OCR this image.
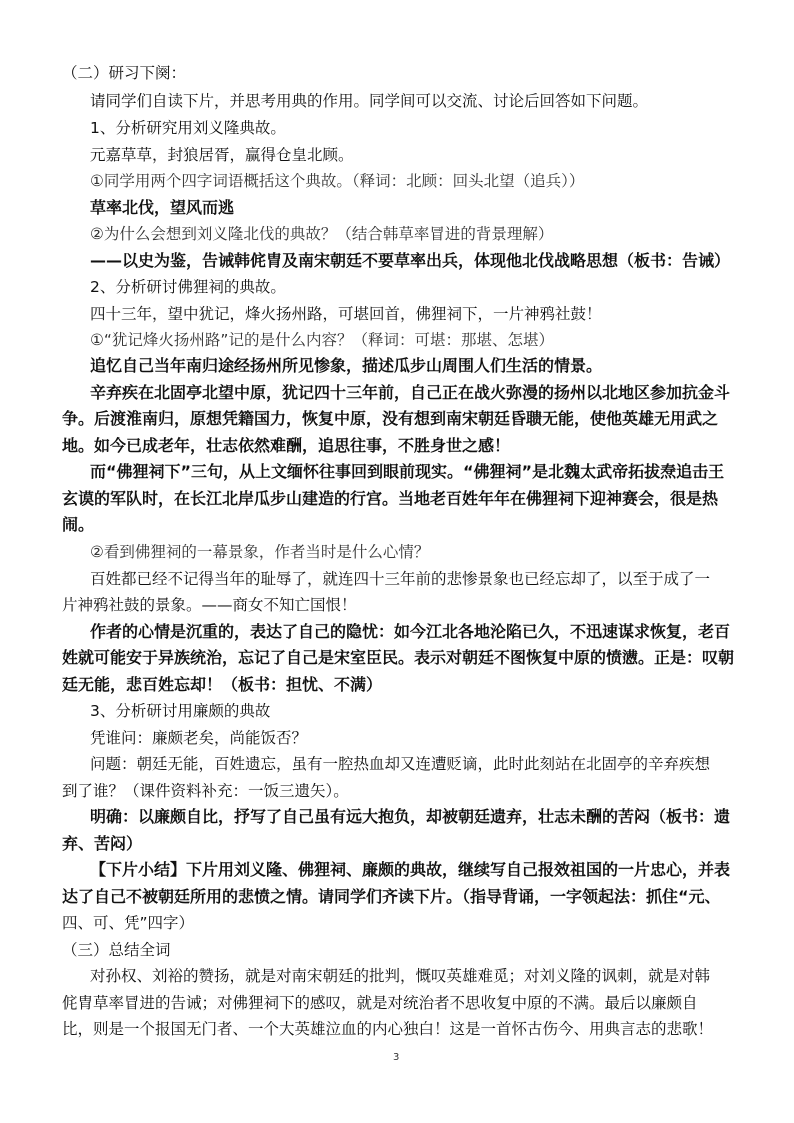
（二）研习下阕：
请同学们自读下片，并思考用典的作用。同学间可以交流、讨论后回答如下问题。
1、分析研究用刘义隆典故。
元嘉草草，封狼居胥，赢得仓皇北顾。
①同学用两个四字词语概括这个典故。（释词：北顾：回头北望（追兵））
草率北伐，望风而逃
②为什么会想到刘义隆北伐的典故？（结合韩草率冒进的背景理解）
——以史为鉴，告诫韩侂胄及南宋朝廷不要草率出兵，体现他北伐战略思想（板书：告诫）
2、分析研讨佛狸祠的典故。
四十三年，望中犹记，烽火扬州路，可堪回首，佛狸祠下，一片神鸦社鼓！
①“犹记烽火扬州路”记的是什么内容？（释词：可堪：那堪、怎堪）
追忆自己当年南归途经扬州所见惨象，描述瓜步山周围人们生活的情景。
辛弃疾在北固亭北望中原，犹记四十三年前，自己正在战火弥漫的扬州以北地区参加抗金斗
争。后渡淮南归，原想凭籍国力，恢复中原，没有想到南宋朝廷昏聩无能，使他英雄无用武之
地。如今已成老年，壮志依然难酬，追思往事，不胜身世之感！
而“佛狸祠下”三句，从上文缅怀往事回到眼前现实。“佛狸祠”是北魏太武帝拓拔焘追击王
玄谟的军队时，在长江北岸瓜步山建造的行宫。当地老百姓年年在佛狸祠下迎神赛会，很是热
闹。
②看到佛狸祠的一幕景象，作者当时是什么心情？
百姓都已经不记得当年的耻辱了，就连四十三年前的悲惨景象也已经忘却了，以至于成了一
片神鸦社鼓的景象。——商女不知亡国恨！
作者的心情是沉重的，表达了自己的隐忧：如今江北各地沦陷已久，不迅速谋求恢复，老百
姓就可能安于异族统治，忘记了自己是宋室臣民。表示对朝廷不图恢复中原的愤懑。正是：叹朝
廷无能，悲百姓忘却！（板书：担忧、不满）
3、分析研讨用廉颇的典故
凭谁问：廉颇老矣，尚能饭否？
问题：朝廷无能，百姓遗忘，虽有一腔热血却又连遭贬谪，此时此刻站在北固亭的辛弃疾想
到了谁？（课件资料补充：一饭三遗矢）。
明确：以廉颇自比，抒写了自己虽有远大抱负，却被朝廷遗弃，壮志未酬的苦闷（板书：遗
弃、苦闷）
【下片小结】下片用刘义隆、佛狸祠、廉颇的典故，继续写自己报效祖国的一片忠心，并表
达了自己不被朝廷所用的悲愤之情。请同学们齐读下片。（指导背诵，一字领起法：抓住“元、
四、可、凭”四字）
（三）总结全词
对孙权、刘裕的赞扬，就是对南宋朝廷的批判，慨叹英雄难觅；对刘义隆的讽刺，就是对韩
侂胄草率冒进的告诫；对佛狸祠下的感叹，就是对统治者不思收复中原的不满。最后以廉颇自
比，则是一个报国无门者、一个大英雄泣血的内心独白！这是一首怀古伤今、用典言志的悲歌！
3
